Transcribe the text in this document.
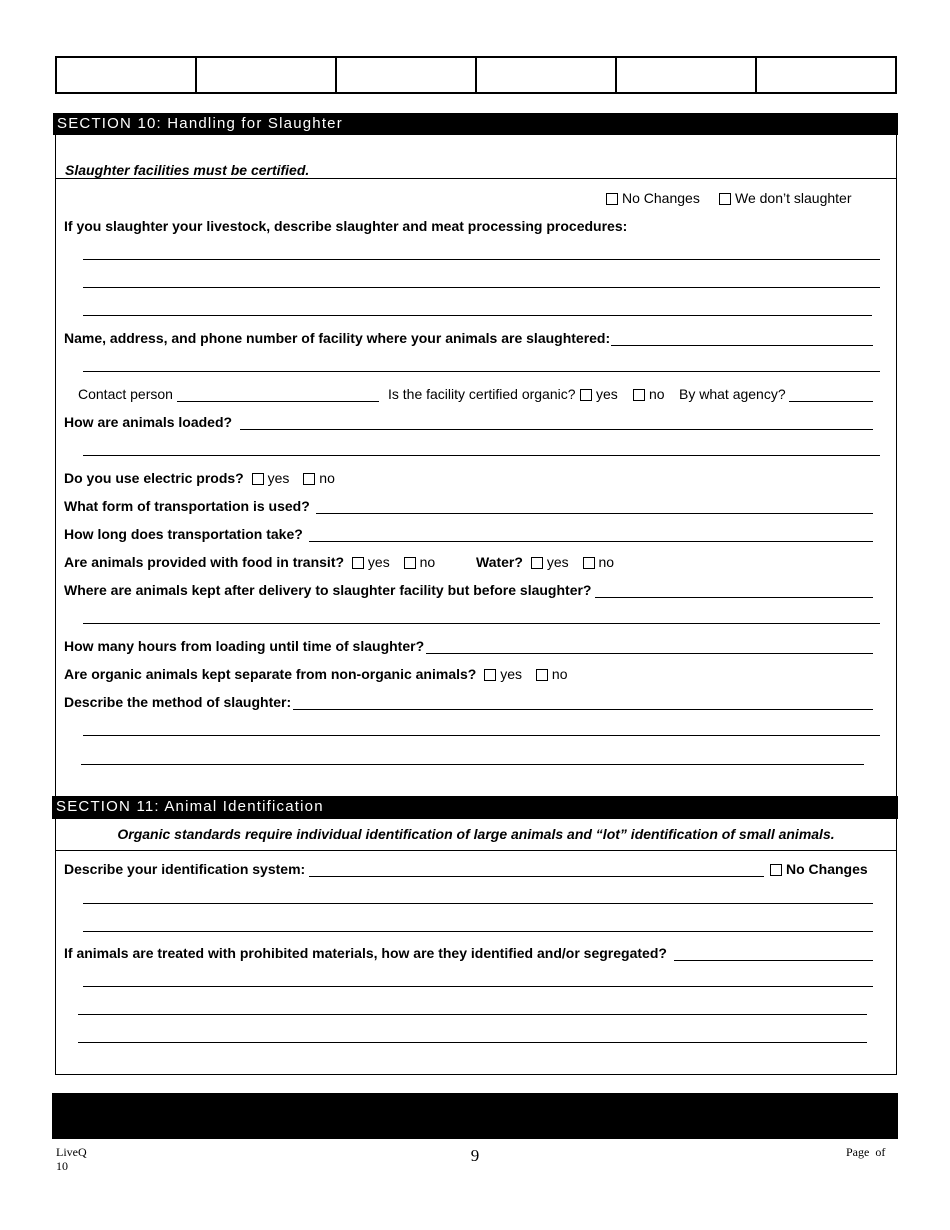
SECTION 10: Handling for Slaughter
Slaughter facilities must be certified.
No Changes	We don’t slaughter
If you slaughter your livestock, describe slaughter and meat processing procedures:
Name, address, and phone number of facility where your animals are slaughtered:
Contact person	Is the facility certified organic?	yes	no By what agency?
How are animals loaded?
Do you use electric prods? yes no
What form of transportation is used?
How long does transportation take?
Are animals provided with food in transit? yes no	Water? yes no
Where are animals kept after delivery to slaughter facility but before slaughter?
How many hours from loading until time of slaughter?
Are organic animals kept separate from non-organic animals? yes no
Describe the method of slaughter:
SECTION 11: Animal Identification
Organic standards require individual identification of large animals and “lot” identification of small animals.
Describe your identification system:	No Changes
If animals are treated with prohibited materials, how are they identified and/or segregated?
LiveQ
10
9	Page  of
